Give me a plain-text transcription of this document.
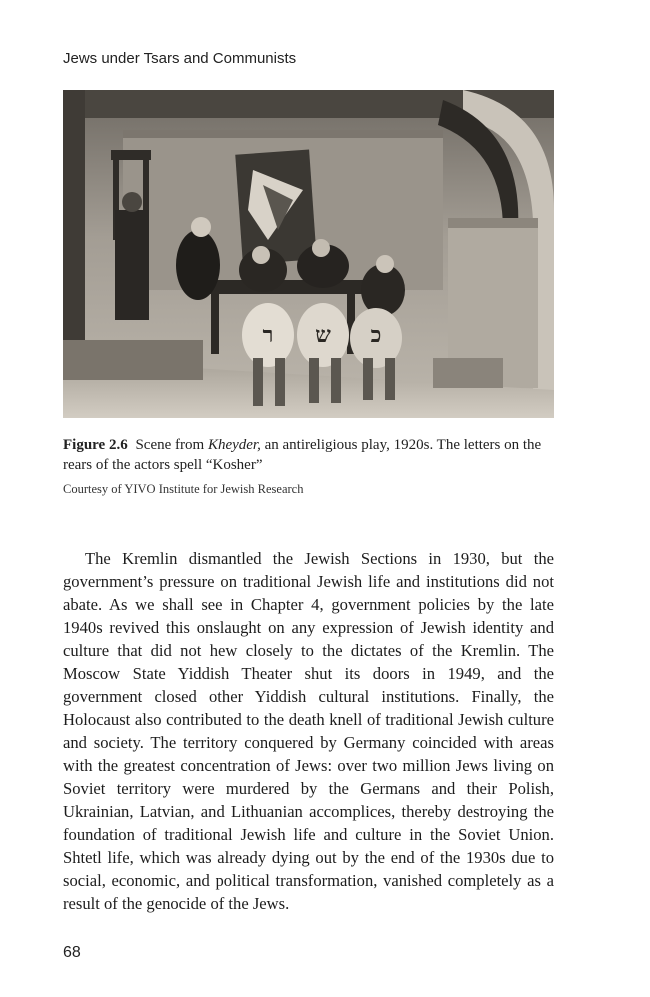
Jews under Tsars and Communists
ר ש כ
Figure 2.6 Scene from Kheyder, an antireligious play, 1920s. The letters on the rears of the actors spell “Kosher”
Courtesy of YIVO Institute for Jewish Research

The Kremlin dismantled the Jewish Sections in 1930, but the government’s pressure on traditional Jewish life and institutions did not abate. As we shall see in Chapter 4, government policies by the late 1940s revived this onslaught on any expression of Jewish identity and culture that did not hew closely to the dictates of the Kremlin. The Moscow State Yiddish Theater shut its doors in 1949, and the government closed other Yiddish cultural institutions. Finally, the Holocaust also contributed to the death knell of traditional Jewish culture and society. The territory conquered by Germany coincided with areas with the greatest concentration of Jews: over two million Jews living on Soviet territory were murdered by the Germans and their Polish, Ukrainian, Latvian, and Lithuanian accomplices, thereby destroying the foundation of traditional Jewish life and culture in the Soviet Union. Shtetl life, which was already dying out by the end of the 1930s due to social, economic, and political transformation, vanished completely as a result of the genocide of the Jews.

68
